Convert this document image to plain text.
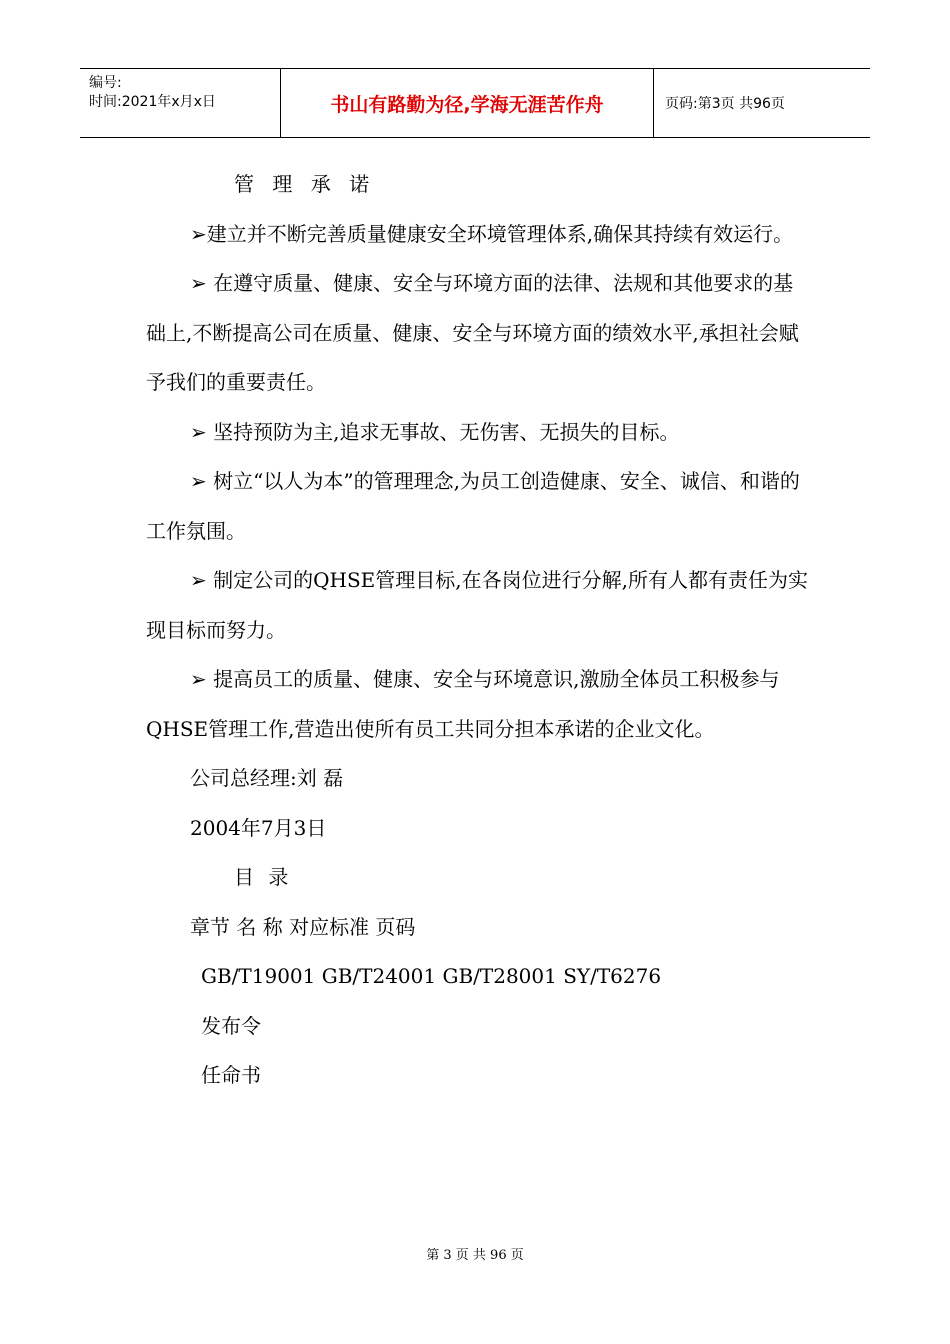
编号:
时间:2021年x月x日	书山有路勤为径,学海无涯苦作舟	页码:第3页 共96页

管 理 承 诺

➢建立并不断完善质量健康安全环境管理体系,确保其持续有效运行。

➢ 在遵守质量、健康、安全与环境方面的法律、法规和其他要求的基础上,不断提高公司在质量、健康、安全与环境方面的绩效水平,承担社会赋予我们的重要责任。

➢ 坚持预防为主,追求无事故、无伤害、无损失的目标。

➢ 树立“以人为本”的管理理念,为员工创造健康、安全、诚信、和谐的工作氛围。

➢ 制定公司的QHSE管理目标,在各岗位进行分解,所有人都有责任为实现目标而努力。

➢ 提高员工的质量、健康、安全与环境意识,激励全体员工积极参与QHSE管理工作,营造出使所有员工共同分担本承诺的企业文化。

公司总经理:刘 磊

2004年7月3日

目 录

章节 名 称 对应标准 页码

GB/T19001 GB/T24001 GB/T28001 SY/T6276

发布令

任命书

第 3 页 共 96 页
